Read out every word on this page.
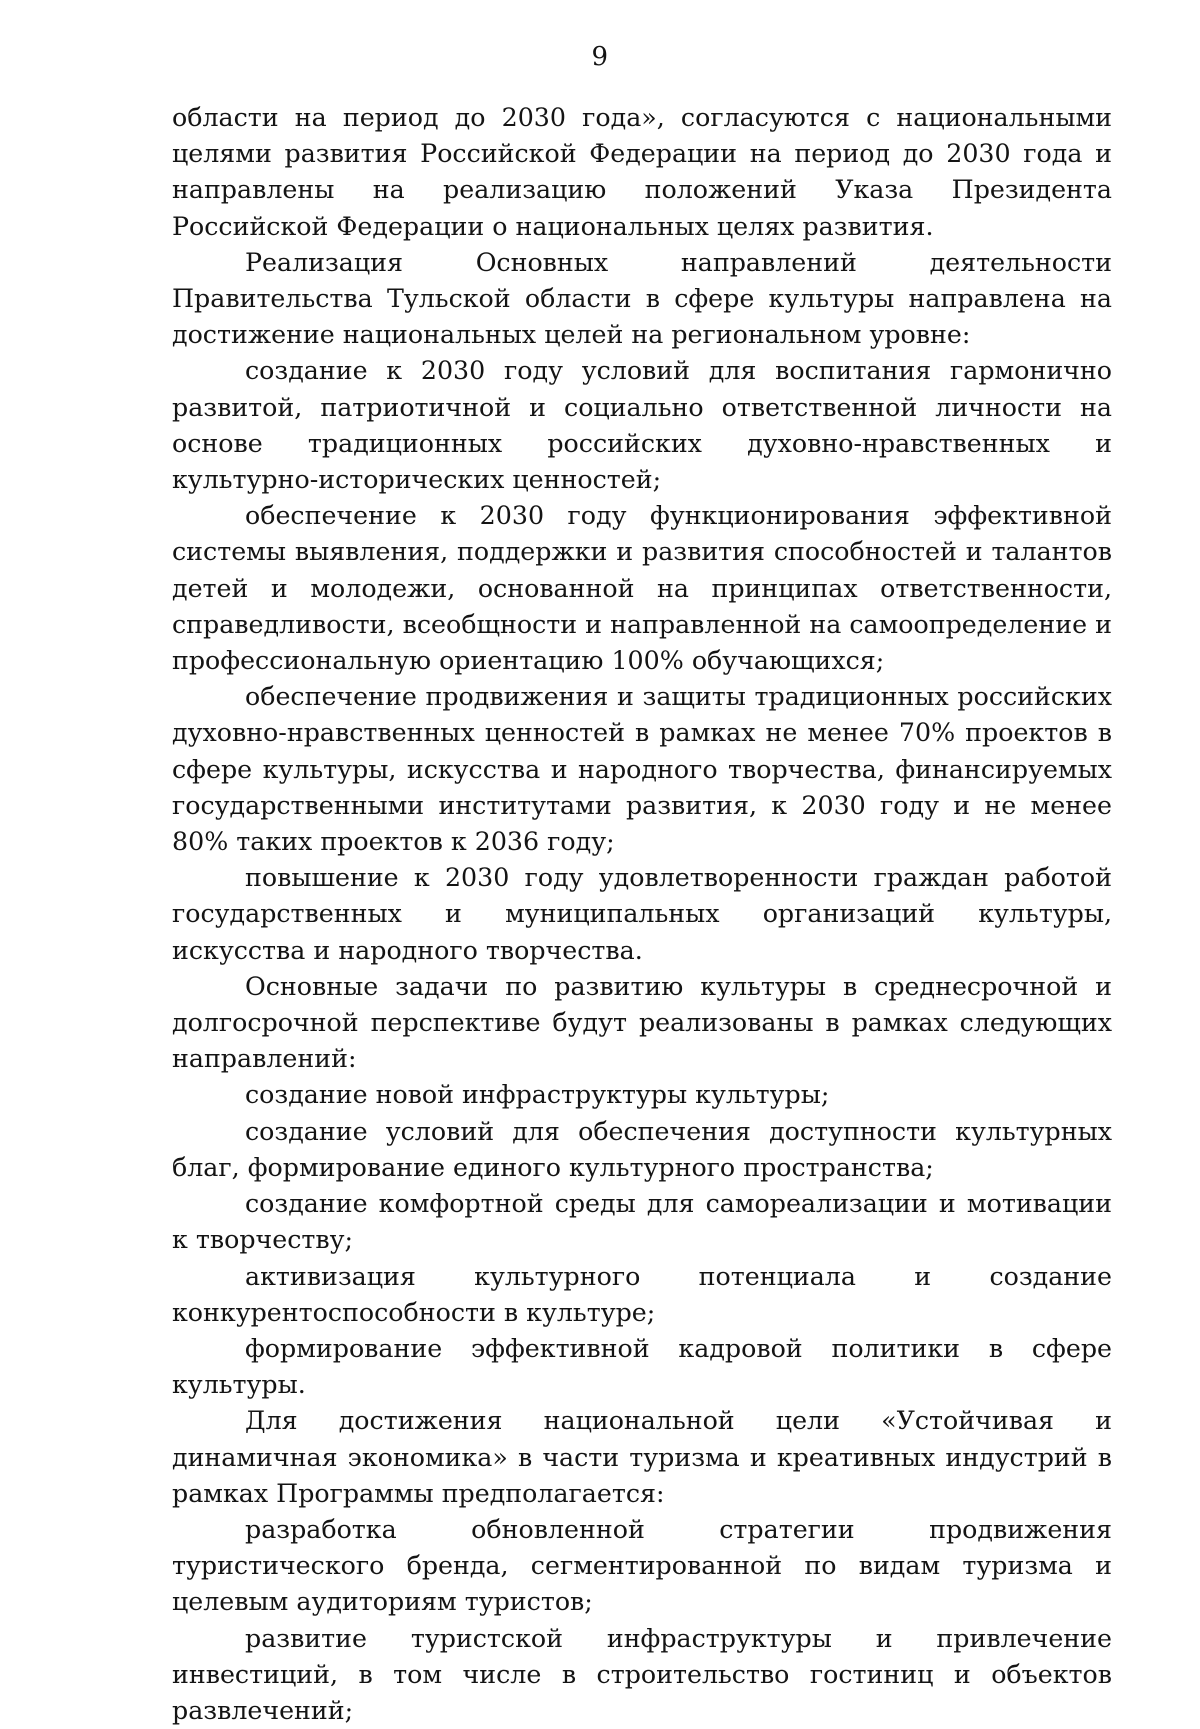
9

области на период до 2030 года», согласуются с национальными целями развития Российской Федерации на период до 2030 года и направлены на реализацию положений Указа Президента Российской Федерации о национальных целях развития.

Реализация Основных направлений деятельности Правительства Тульской области в сфере культуры направлена на достижение национальных целей на региональном уровне:

создание к 2030 году условий для воспитания гармонично развитой, патриотичной и социально ответственной личности на основе традиционных российских духовно-нравственных и культурно-исторических ценностей;

обеспечение к 2030 году функционирования эффективной системы выявления, поддержки и развития способностей и талантов детей и молодежи, основанной на принципах ответственности, справедливости, всеобщности и направленной на самоопределение и профессиональную ориентацию 100% обучающихся;

обеспечение продвижения и защиты традиционных российских духовно-нравственных ценностей в рамках не менее 70% проектов в сфере культуры, искусства и народного творчества, финансируемых государственными институтами развития, к 2030 году и не менее 80% таких проектов к 2036 году;

повышение к 2030 году удовлетворенности граждан работой государственных и муниципальных организаций культуры, искусства и народного творчества.

Основные задачи по развитию культуры в среднесрочной и долгосрочной перспективе будут реализованы в рамках следующих направлений:

создание новой инфраструктуры культуры;

создание условий для обеспечения доступности культурных благ, формирование единого культурного пространства;

создание комфортной среды для самореализации и мотивации к творчеству;

активизация культурного потенциала и создание конкурентоспособности в культуре;

формирование эффективной кадровой политики в сфере культуры.

Для достижения национальной цели «Устойчивая и динамичная экономика» в части туризма и креативных индустрий в рамках Программы предполагается:

разработка обновленной стратегии продвижения туристического бренда, сегментированной по видам туризма и целевым аудиториям туристов;

развитие туристской инфраструктуры и привлечение инвестиций, в том числе в строительство гостиниц и объектов развлечений;
